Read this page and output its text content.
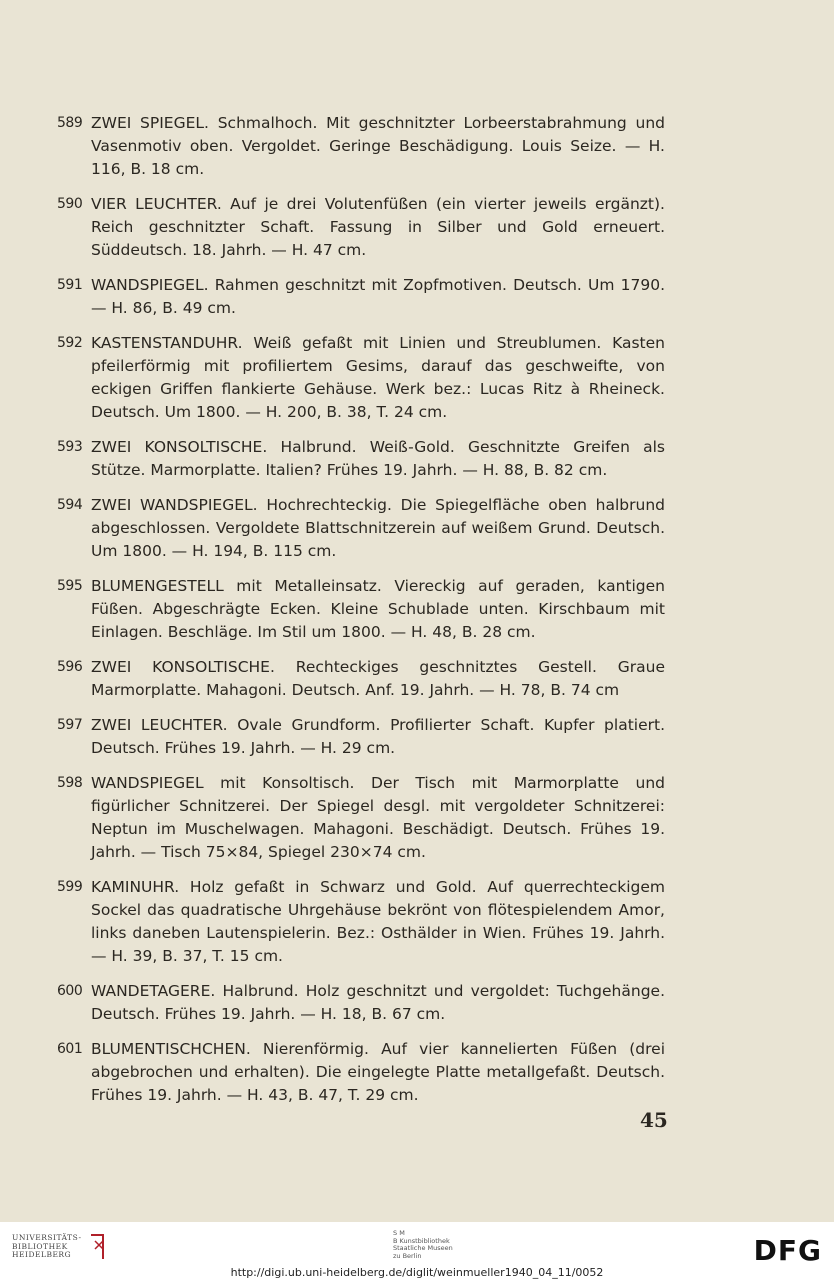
589 ZWEI SPIEGEL. Schmalhoch. Mit geschnitzter Lorbeerstabrahmung und Vasenmotiv oben. Vergoldet. Geringe Beschädigung. Louis Seize. — H. 116, B. 18 cm.
590 VIER LEUCHTER. Auf je drei Volutenfüßen (ein vierter jeweils ergänzt). Reich geschnitzter Schaft. Fassung in Silber und Gold erneuert. Süddeutsch. 18. Jahrh. — H. 47 cm.
591 WANDSPIEGEL. Rahmen geschnitzt mit Zopfmotiven. Deutsch. Um 1790. — H. 86, B. 49 cm.
592 KASTENSTANDUHR. Weiß gefaßt mit Linien und Streublumen. Kasten pfeilerförmig mit profiliertem Gesims, darauf das geschweifte, von eckigen Griffen flankierte Gehäuse. Werk bez.: Lucas Ritz à Rheineck. Deutsch. Um 1800. — H. 200, B. 38, T. 24 cm.
593 ZWEI KONSOLTISCHE. Halbrund. Weiß-Gold. Geschnitzte Greifen als Stütze. Marmorplatte. Italien? Frühes 19. Jahrh. — H. 88, B. 82 cm.
594 ZWEI WANDSPIEGEL. Hochrechteckig. Die Spiegelfläche oben halbrund abgeschlossen. Vergoldete Blattschnitzerein auf weißem Grund. Deutsch. Um 1800. — H. 194, B. 115 cm.
595 BLUMENGESTELL mit Metalleinsatz. Viereckig auf geraden, kantigen Füßen. Abgeschrägte Ecken. Kleine Schublade unten. Kirschbaum mit Einlagen. Beschläge. Im Stil um 1800. — H. 48, B. 28 cm.
596 ZWEI KONSOLTISCHE. Rechteckiges geschnitztes Gestell. Graue Marmorplatte. Mahagoni. Deutsch. Anf. 19. Jahrh. — H. 78, B. 74 cm
597 ZWEI LEUCHTER. Ovale Grundform. Profilierter Schaft. Kupfer platiert. Deutsch. Frühes 19. Jahrh. — H. 29 cm.
598 WANDSPIEGEL mit Konsoltisch. Der Tisch mit Marmorplatte und figürlicher Schnitzerei. Der Spiegel desgl. mit vergoldeter Schnitzerei: Neptun im Muschelwagen. Mahagoni. Beschädigt. Deutsch. Frühes 19. Jahrh. — Tisch 75×84, Spiegel 230×74 cm.
599 KAMINUHR. Holz gefaßt in Schwarz und Gold. Auf querrechteckigem Sockel das quadratische Uhrgehäuse bekrönt von flötespielendem Amor, links daneben Lautenspielerin. Bez.: Osthälder in Wien. Frühes 19. Jahrh. — H. 39, B. 37, T. 15 cm.
600 WANDETAGERE. Halbrund. Holz geschnitzt und vergoldet: Tuchgehänge. Deutsch. Frühes 19. Jahrh. — H. 18, B. 67 cm.
601 BLUMENTISCHCHEN. Nierenförmig. Auf vier kannelierten Füßen (drei abgebrochen und erhalten). Die eingelegte Platte metallgefaßt. Deutsch. Frühes 19. Jahrh. — H. 43, B. 47, T. 29 cm.
45
UNIVERSITÄTS-
BIBLIOTHEK
HEIDELBERG
S M
B Kunstbibliothek
Staatliche Museen
zu Berlin	DFG
http://digi.ub.uni-heidelberg.de/diglit/weinmueller1940_04_11/0052
